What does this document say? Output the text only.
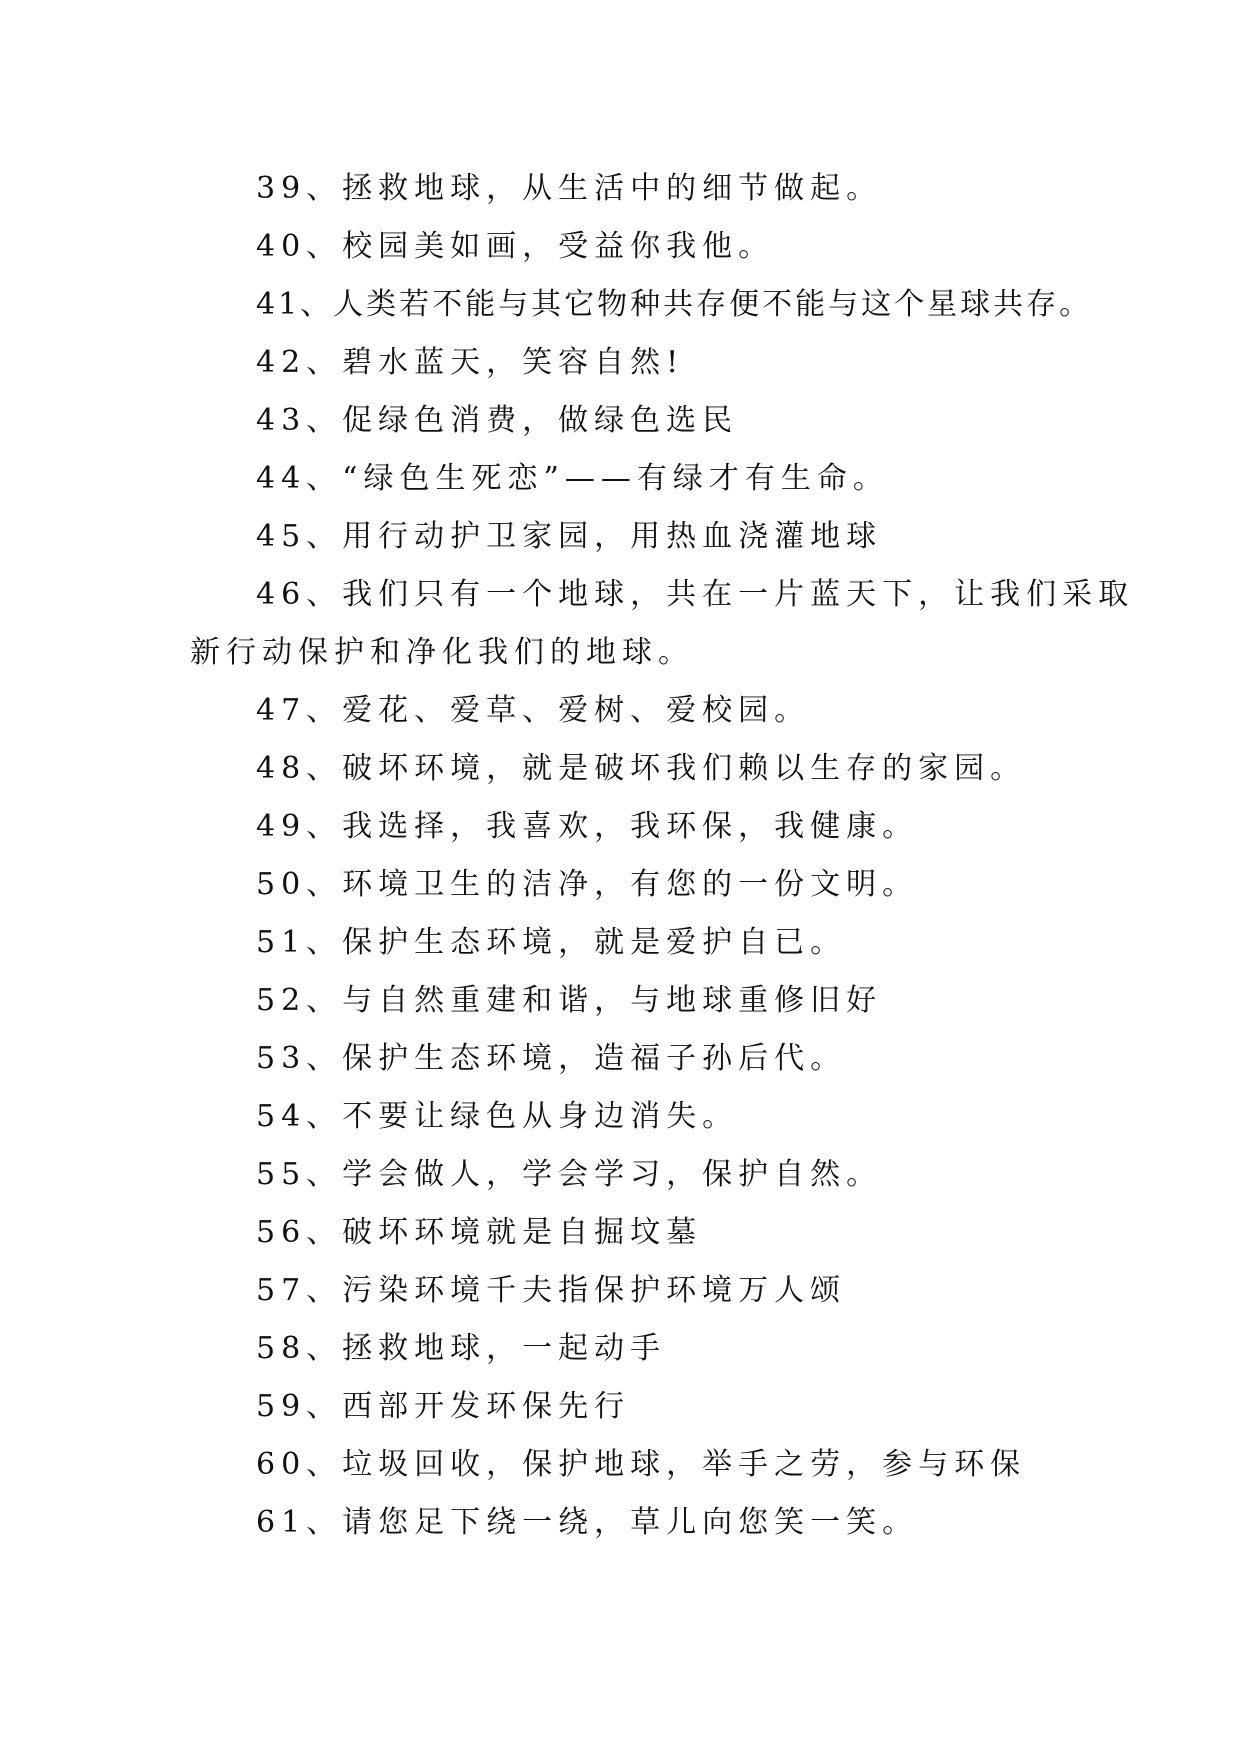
39、拯救地球，从生活中的细节做起。
40、校园美如画，受益你我他。
41、人类若不能与其它物种共存便不能与这个星球共存。
42、碧水蓝天，笑容自然!
43、促绿色消费，做绿色选民
44、“绿色生死恋”——有绿才有生命。
45、用行动护卫家园，用热血浇灌地球
46、我们只有一个地球，共在一片蓝天下，让我们采取
新行动保护和净化我们的地球。
47、爱花、爱草、爱树、爱校园。
48、破坏环境，就是破坏我们赖以生存的家园。
49、我选择，我喜欢，我环保，我健康。
50、环境卫生的洁净，有您的一份文明。
51、保护生态环境，就是爱护自已。
52、与自然重建和谐，与地球重修旧好
53、保护生态环境，造福子孙后代。
54、不要让绿色从身边消失。
55、学会做人，学会学习，保护自然。
56、破坏环境就是自掘坟墓
57、污染环境千夫指保护环境万人颂
58、拯救地球，一起动手
59、西部开发环保先行
60、垃圾回收，保护地球，举手之劳，参与环保
61、请您足下绕一绕，草儿向您笑一笑。
